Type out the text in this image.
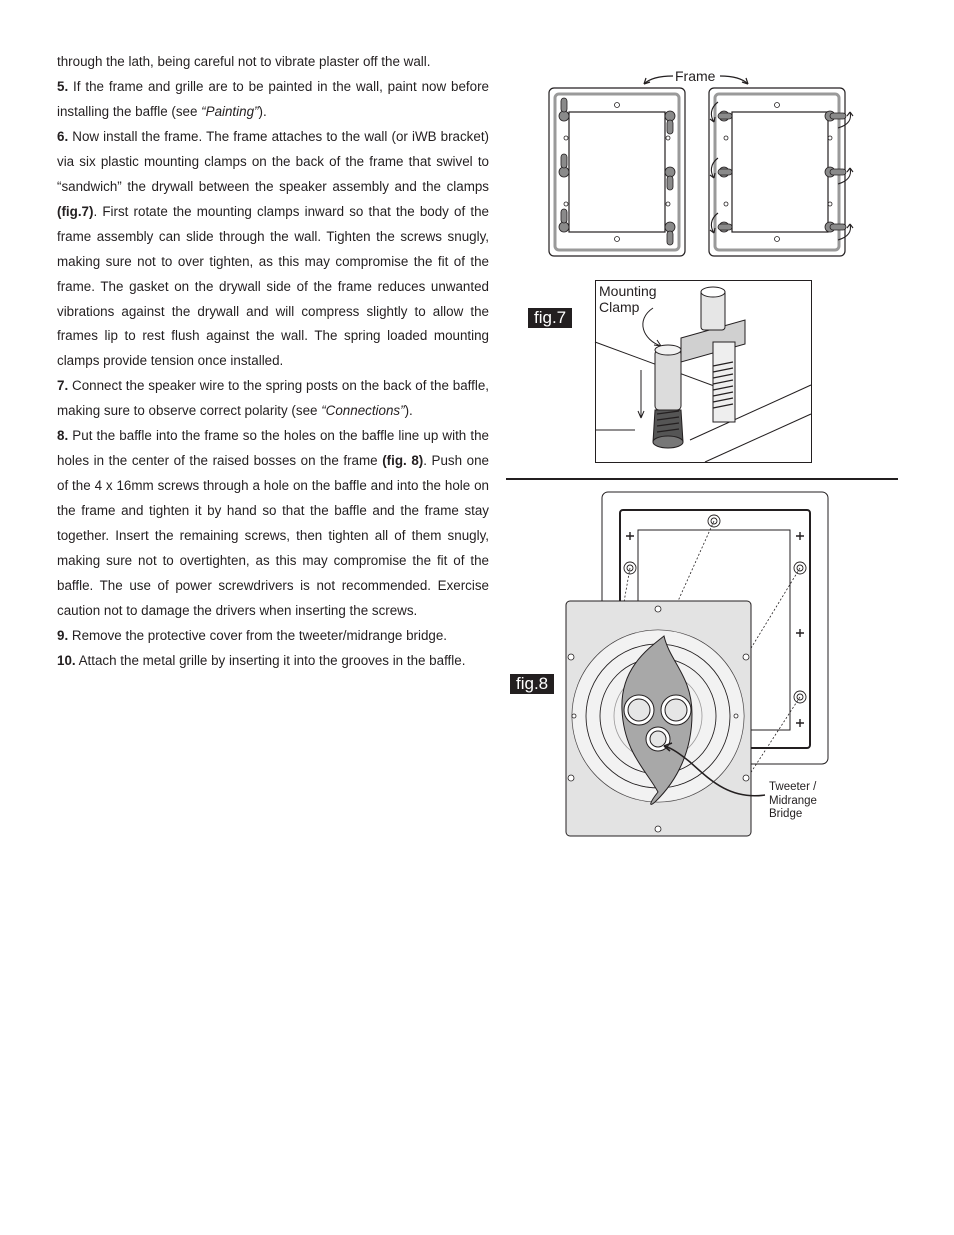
through the lath, being careful not to vibrate plaster off the wall.

5. If the frame and grille are to be painted in the wall, paint now before installing the baffle (see “Painting”).

6. Now install the frame. The frame attaches to the wall (or iWB bracket) via six plastic mounting clamps on the back of the frame that swivel to “sandwich” the drywall between the speaker assembly and the clamps (fig.7). First rotate the mounting clamps inward so that the body of the frame assembly can slide through the wall. Tighten the screws snugly, making sure not to over tighten, as this may compromise the fit of the frame. The gasket on the drywall side of the frame reduces unwanted vibrations against the drywall and will compress slightly to allow the frames lip to rest flush against the wall. The spring loaded mounting clamps provide tension once installed.

7. Connect the speaker wire to the spring posts on the back of the baffle, making sure to observe correct polarity (see “Connections”).

8. Put the baffle into the frame so the holes on the baffle line up with the holes in the center of the raised bosses on the frame (fig. 8). Push one of the 4 x 16mm screws through a hole on the baffle and into the hole on the frame and tighten it by hand so that the baffle and the frame stay together. Insert the remaining screws, then tighten all of them snugly, making sure not to overtighten, as this may compromise the fit of the baffle. The use of power screwdrivers is not recommended. Exercise caution not to damage the drivers when inserting the screws.

9. Remove the protective cover from the tweeter/midrange bridge.

10. Attach the metal grille by inserting it into the grooves in the baffle.

Frame
fig.7
Mounting
Clamp
fig.8
Tweeter /
Midrange
Bridge
